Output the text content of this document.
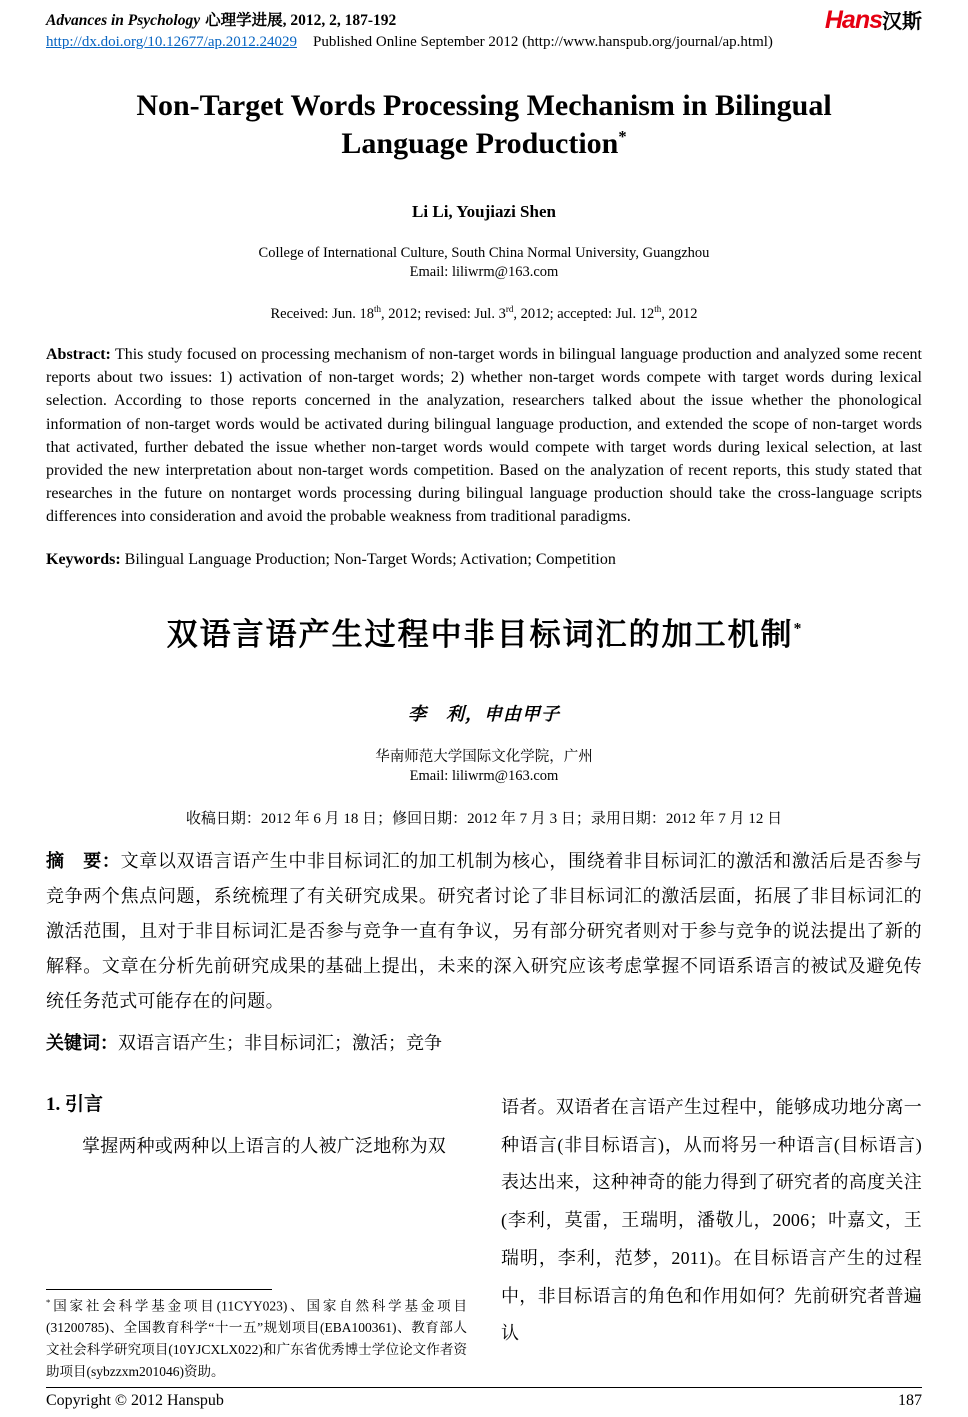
Advances in Psychology 心理学进展, 2012, 2, 187-192	Hans汉斯
http://dx.doi.org/10.12677/ap.2012.24029 Published Online September 2012 (http://www.hanspub.org/journal/ap.html)
Non-Target Words Processing Mechanism in Bilingual
Language Production*
Li Li, Youjiazi Shen
College of International Culture, South China Normal University, Guangzhou
Email: liliwrm@163.com
Received: Jun. 18th, 2012; revised: Jul. 3rd, 2012; accepted: Jul. 12th, 2012

Abstract: This study focused on processing mechanism of non-target words in bilingual language production and analyzed some recent reports about two issues: 1) activation of non-target words; 2) whether non-target words compete with target words during lexical selection. According to those reports concerned in the analyzation, researchers talked about the issue whether the phonological information of non-target words would be activated during bilingual language production, and extended the scope of non-target words that activated, further debated the issue whether non-target words would compete with target words during lexical selection, at last provided the new interpretation about non-target words competition. Based on the analyzation of recent reports, this study stated that researches in the future on nontarget words processing during bilingual language production should take the cross-language scripts differences into consideration and avoid the probable weakness from traditional paradigms.

Keywords: Bilingual Language Production; Non-Target Words; Activation; Competition

双语言语产生过程中非目标词汇的加工机制*
李　利，申由甲子
华南师范大学国际文化学院，广州
Email: liliwrm@163.com
收稿日期：2012 年 6 月 18 日；修回日期：2012 年 7 月 3 日；录用日期：2012 年 7 月 12 日

摘　要：文章以双语言语产生中非目标词汇的加工机制为核心，围绕着非目标词汇的激活和激活后是否参与竞争两个焦点问题，系统梳理了有关研究成果。研究者讨论了非目标词汇的激活层面，拓展了非目标词汇的激活范围，且对于非目标词汇是否参与竞争一直有争议，另有部分研究者则对于参与竞争的说法提出了新的解释。文章在分析先前研究成果的基础上提出，未来的深入研究应该考虑掌握不同语系语言的被试及避免传统任务范式可能存在的问题。

关键词：双语言语产生；非目标词汇；激活；竞争

1. 引言

掌握两种或两种以上语言的人被广泛地称为双

语者。双语者在言语产生过程中，能够成功地分离一种语言(非目标语言)，从而将另一种语言(目标语言)表达出来，这种神奇的能力得到了研究者的高度关注(李利，莫雷，王瑞明，潘敬儿，2006；叶嘉文，王瑞明，李利，范梦，2011)。在目标语言产生的过程中，非目标语言的角色和作用如何？先前研究者普遍认

*国家社会科学基金项目(11CYY023)、国家自然科学基金项目(31200785)、全国教育科学“十一五”规划项目(EBA100361)、教育部人文社会科学研究项目(10YJCXLX022)和广东省优秀博士学位论文作者资助项目(sybzzxm201046)资助。

Copyright © 2012 Hanspub	187
